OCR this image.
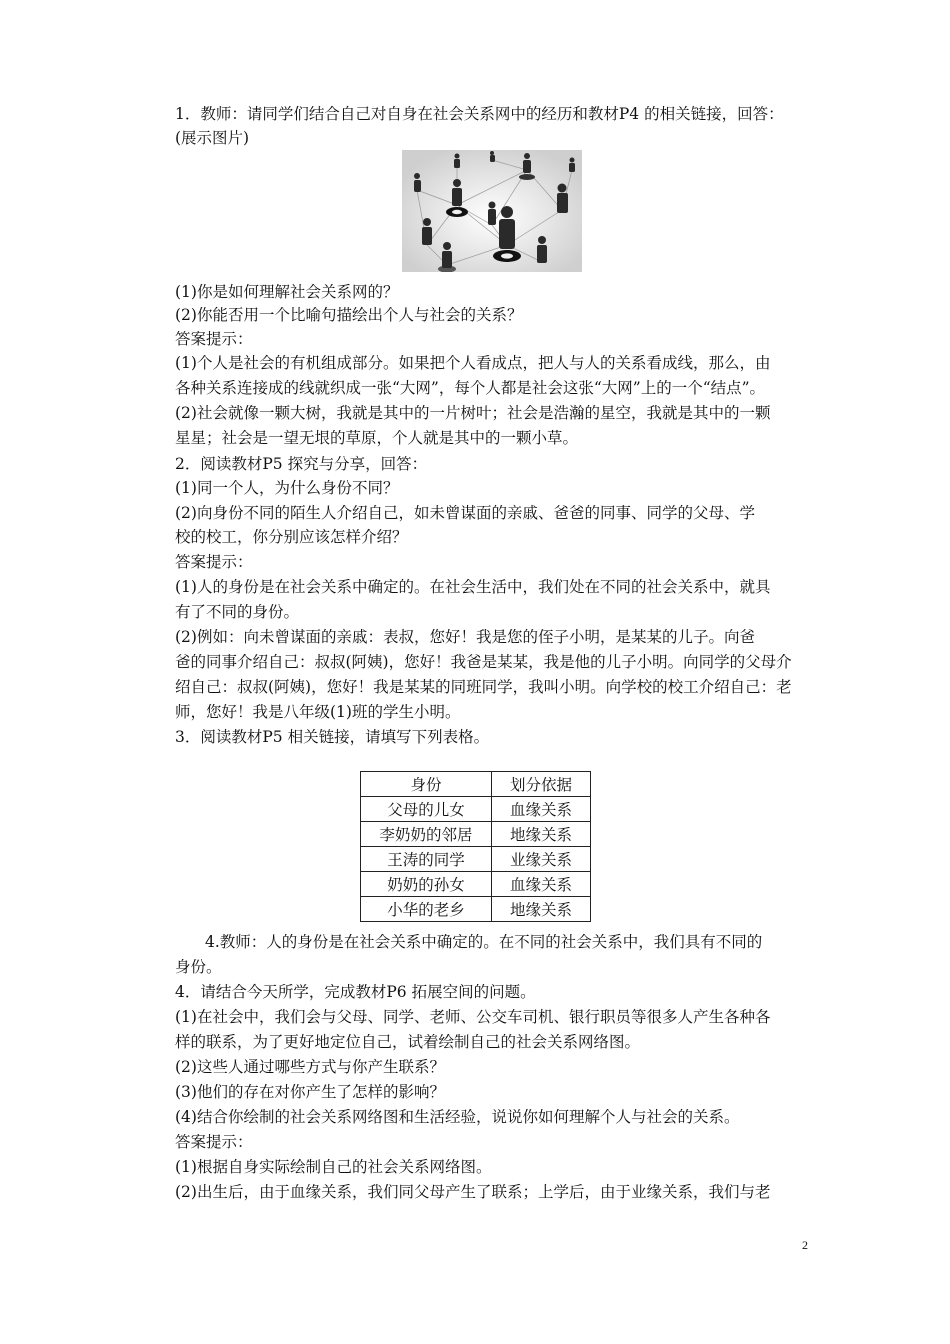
1．教师：请同学们结合自己对自身在社会关系网中的经历和教材P4 的相关链接，回答：
(展示图片)
(1)你是如何理解社会关系网的？
(2)你能否用一个比喻句描绘出个人与社会的关系？
答案提示：
(1)个人是社会的有机组成部分。如果把个人看成点，把人与人的关系看成线，那么，由
各种关系连接成的线就织成一张“大网”，每个人都是社会这张“大网”上的一个“结点”。
(2)社会就像一颗大树，我就是其中的一片树叶；社会是浩瀚的星空，我就是其中的一颗
星星；社会是一望无垠的草原，个人就是其中的一颗小草。
2．阅读教材P5 探究与分享，回答：
(1)同一个人，为什么身份不同？
(2)向身份不同的陌生人介绍自己，如未曾谋面的亲戚、爸爸的同事、同学的父母、学
校的校工，你分别应该怎样介绍？
答案提示：
(1)人的身份是在社会关系中确定的。在社会生活中，我们处在不同的社会关系中，就具
有了不同的身份。
(2)例如：向未曾谋面的亲戚：表叔，您好！我是您的侄子小明，是某某的儿子。向爸
爸的同事介绍自己：叔叔(阿姨)，您好！我爸是某某，我是他的儿子小明。向同学的父母介
绍自己：叔叔(阿姨)，您好！我是某某的同班同学，我叫小明。向学校的校工介绍自己：老
师，您好！我是八年级(1)班的学生小明。
3．阅读教材P5 相关链接，请填写下列表格。
身份	划分依据
父母的儿女	血缘关系
李奶奶的邻居	地缘关系
王涛的同学	业缘关系
奶奶的孙女	血缘关系
小华的老乡	地缘关系
4.教师：人的身份是在社会关系中确定的。在不同的社会关系中，我们具有不同的
身份。
4．请结合今天所学，完成教材P6 拓展空间的问题。
(1)在社会中，我们会与父母、同学、老师、公交车司机、银行职员等很多人产生各种各
样的联系，为了更好地定位自己，试着绘制自己的社会关系网络图。
(2)这些人通过哪些方式与你产生联系？
(3)他们的存在对你产生了怎样的影响？
(4)结合你绘制的社会关系网络图和生活经验，说说你如何理解个人与社会的关系。
答案提示：
(1)根据自身实际绘制自己的社会关系网络图。
(2)出生后，由于血缘关系，我们同父母产生了联系；上学后，由于业缘关系，我们与老
2
